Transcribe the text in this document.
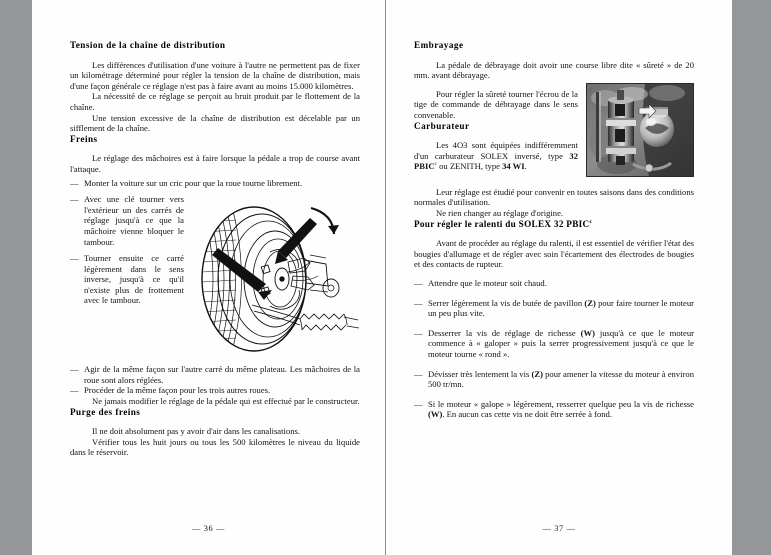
Tension de la chaîne de distribution

Les différences d'utilisation d'une voiture à l'autre ne permettent pas de fixer un kilométrage déterminé pour régler la tension de la chaîne de distribution, mais d'une façon générale ce réglage n'est pas à faire avant au moins 15.000 kilomètres.

La nécessité de ce réglage se perçoit au bruit produit par le flottement de la chaîne.

Une tension excessive de la chaîne de distribution est décelable par un sifflement de la chaîne.

Freins

Le réglage des mâchoires est à faire lorsque la pédale a trop de course avant l'attaque.

— Monter la voiture sur un cric pour que la roue tourne librement.
— Avec une clé tourner vers l'extérieur un des carrés de réglage jusqu'à ce que la mâchoire vienne bloquer le tambour.
— Tourner ensuite ce carré légèrement dans le sens inverse, jusqu'à ce qu'il n'existe plus de frottement avec le tambour.
— Agir de la même façon sur l'autre carré du même plateau. Les mâchoires de la roue sont alors réglées.
— Procéder de la même façon pour les trois autres roues.

Ne jamais modifier le réglage de la pédale qui est effectué par le constructeur.

Purge des freins

Il ne doit absolument pas y avoir d'air dans les canalisations.

Vérifier tous les huit jours ou tous les 500 kilomètres le niveau du liquide dans le réservoir.

— 36 —
Embrayage

La pédale de débrayage doit avoir une course libre dite « sûreté » de 20 mm. avant débrayage.

Pour régler la sûreté tourner l'écrou de la tige de commande de débrayage dans le sens convenable.

Carburateur

Les 4O3 sont équipées indifféremment d'un carburateur SOLEX inversé, type 32 PBIC$^c$ ou ZENITH, type 34 WI.

Leur réglage est étudié pour convenir en toutes saisons dans des conditions normales d'utilisation.

Ne rien changer au réglage d'origine.

Pour régler le ralenti du SOLEX 32 PBIC$^c$

Avant de procéder au réglage du ralenti, il est essentiel de vérifier l'état des bougies d'allumage et de régler avec soin l'écartement des électrodes de bougies et des contacts de rupteur.

— Attendre que le moteur soit chaud.
— Serrer légèrement la vis de butée de pavillon (Z) pour faire tourner le moteur un peu plus vite.
— Desserrer la vis de réglage de richesse (W) jusqu'à ce que le moteur commence à « galoper » puis la serrer progressivement jusqu'à ce que le moteur tourne « rond ».
— Dévisser très lentement la vis (Z) pour amener la vitesse du moteur à environ 500 tr/mn.
— Si le moteur « galope » légèrement, resserrer quelque peu la vis de richesse (W). En aucun cas cette vis ne doit être serrée à fond.
— 37 —
